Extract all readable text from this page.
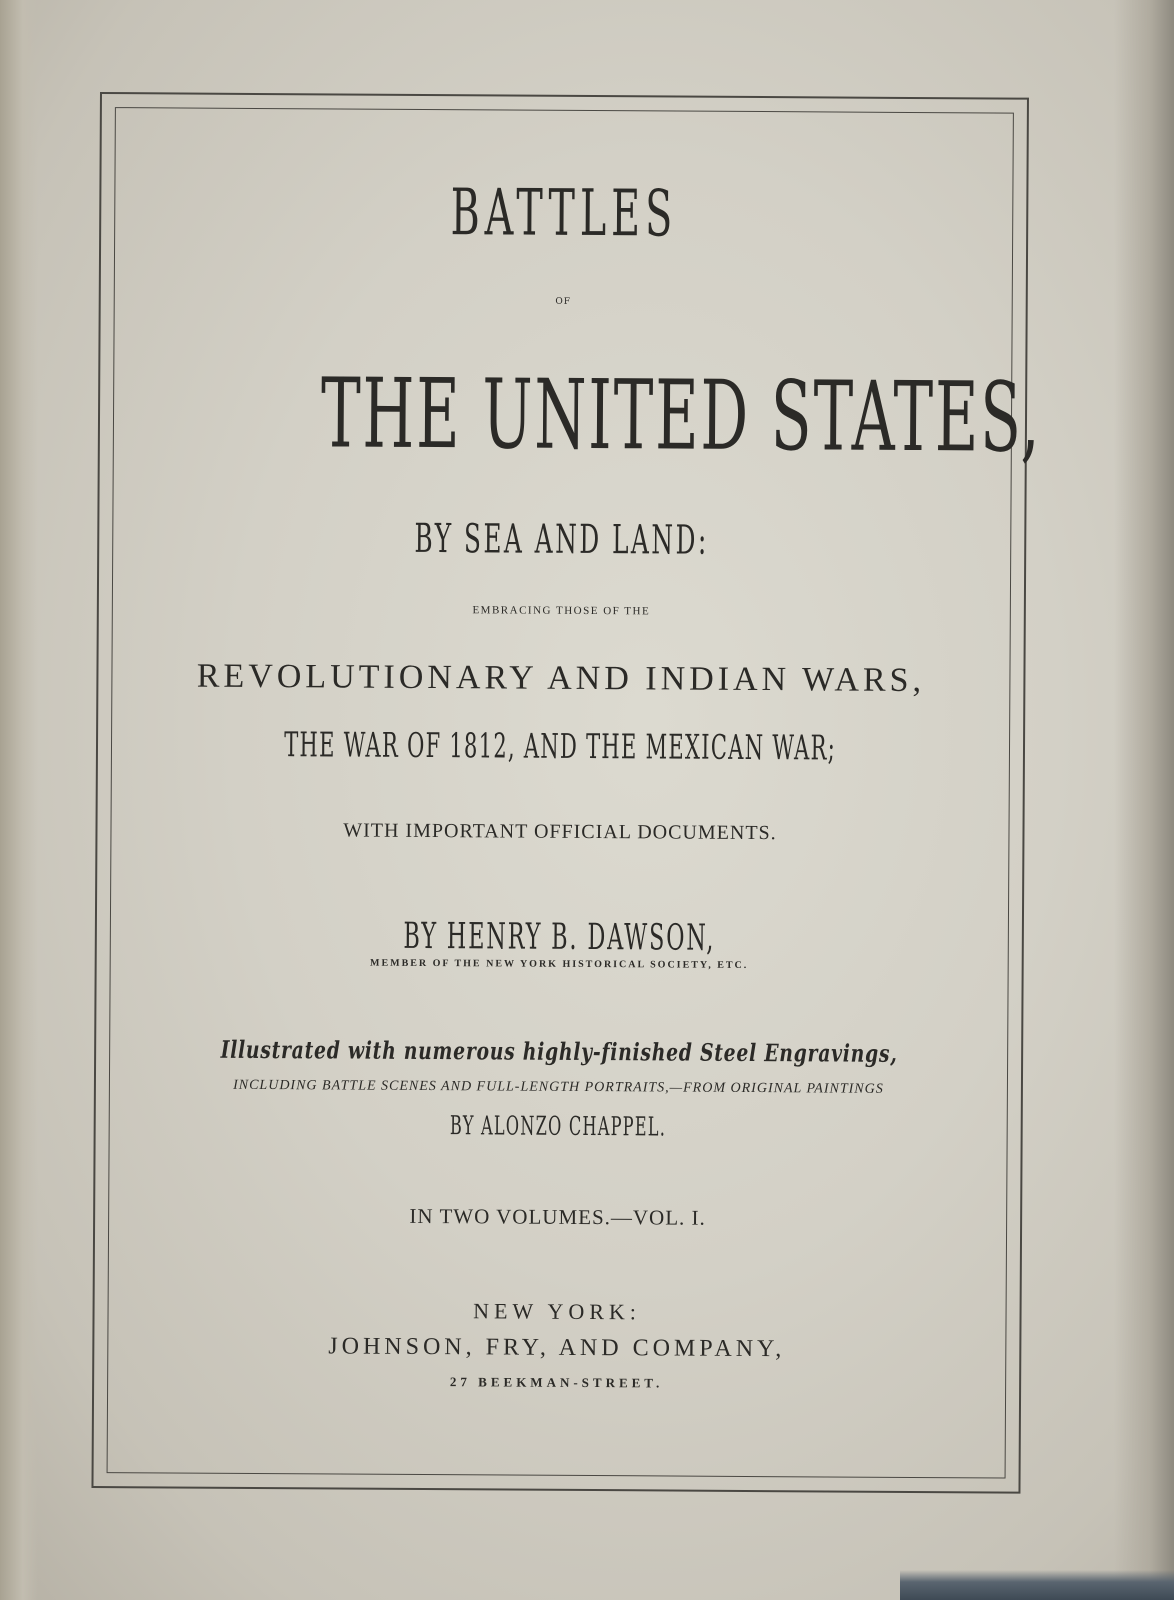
BATTLES
OF
THE UNITED STATES,
BY SEA AND LAND:
EMBRACING THOSE OF THE
REVOLUTIONARY AND INDIAN WARS,
THE WAR OF 1812, AND THE MEXICAN WAR;
WITH IMPORTANT OFFICIAL DOCUMENTS.
BY HENRY B. DAWSON,
MEMBER OF THE NEW YORK HISTORICAL SOCIETY, ETC.
Illustrated with numerous highly-finished Steel Engravings,
INCLUDING BATTLE SCENES AND FULL-LENGTH PORTRAITS,—FROM ORIGINAL PAINTINGS
BY ALONZO CHAPPEL.
IN TWO VOLUMES.—VOL. I.
NEW YORK:
JOHNSON, FRY, AND COMPANY,
27 BEEKMAN-STREET.
